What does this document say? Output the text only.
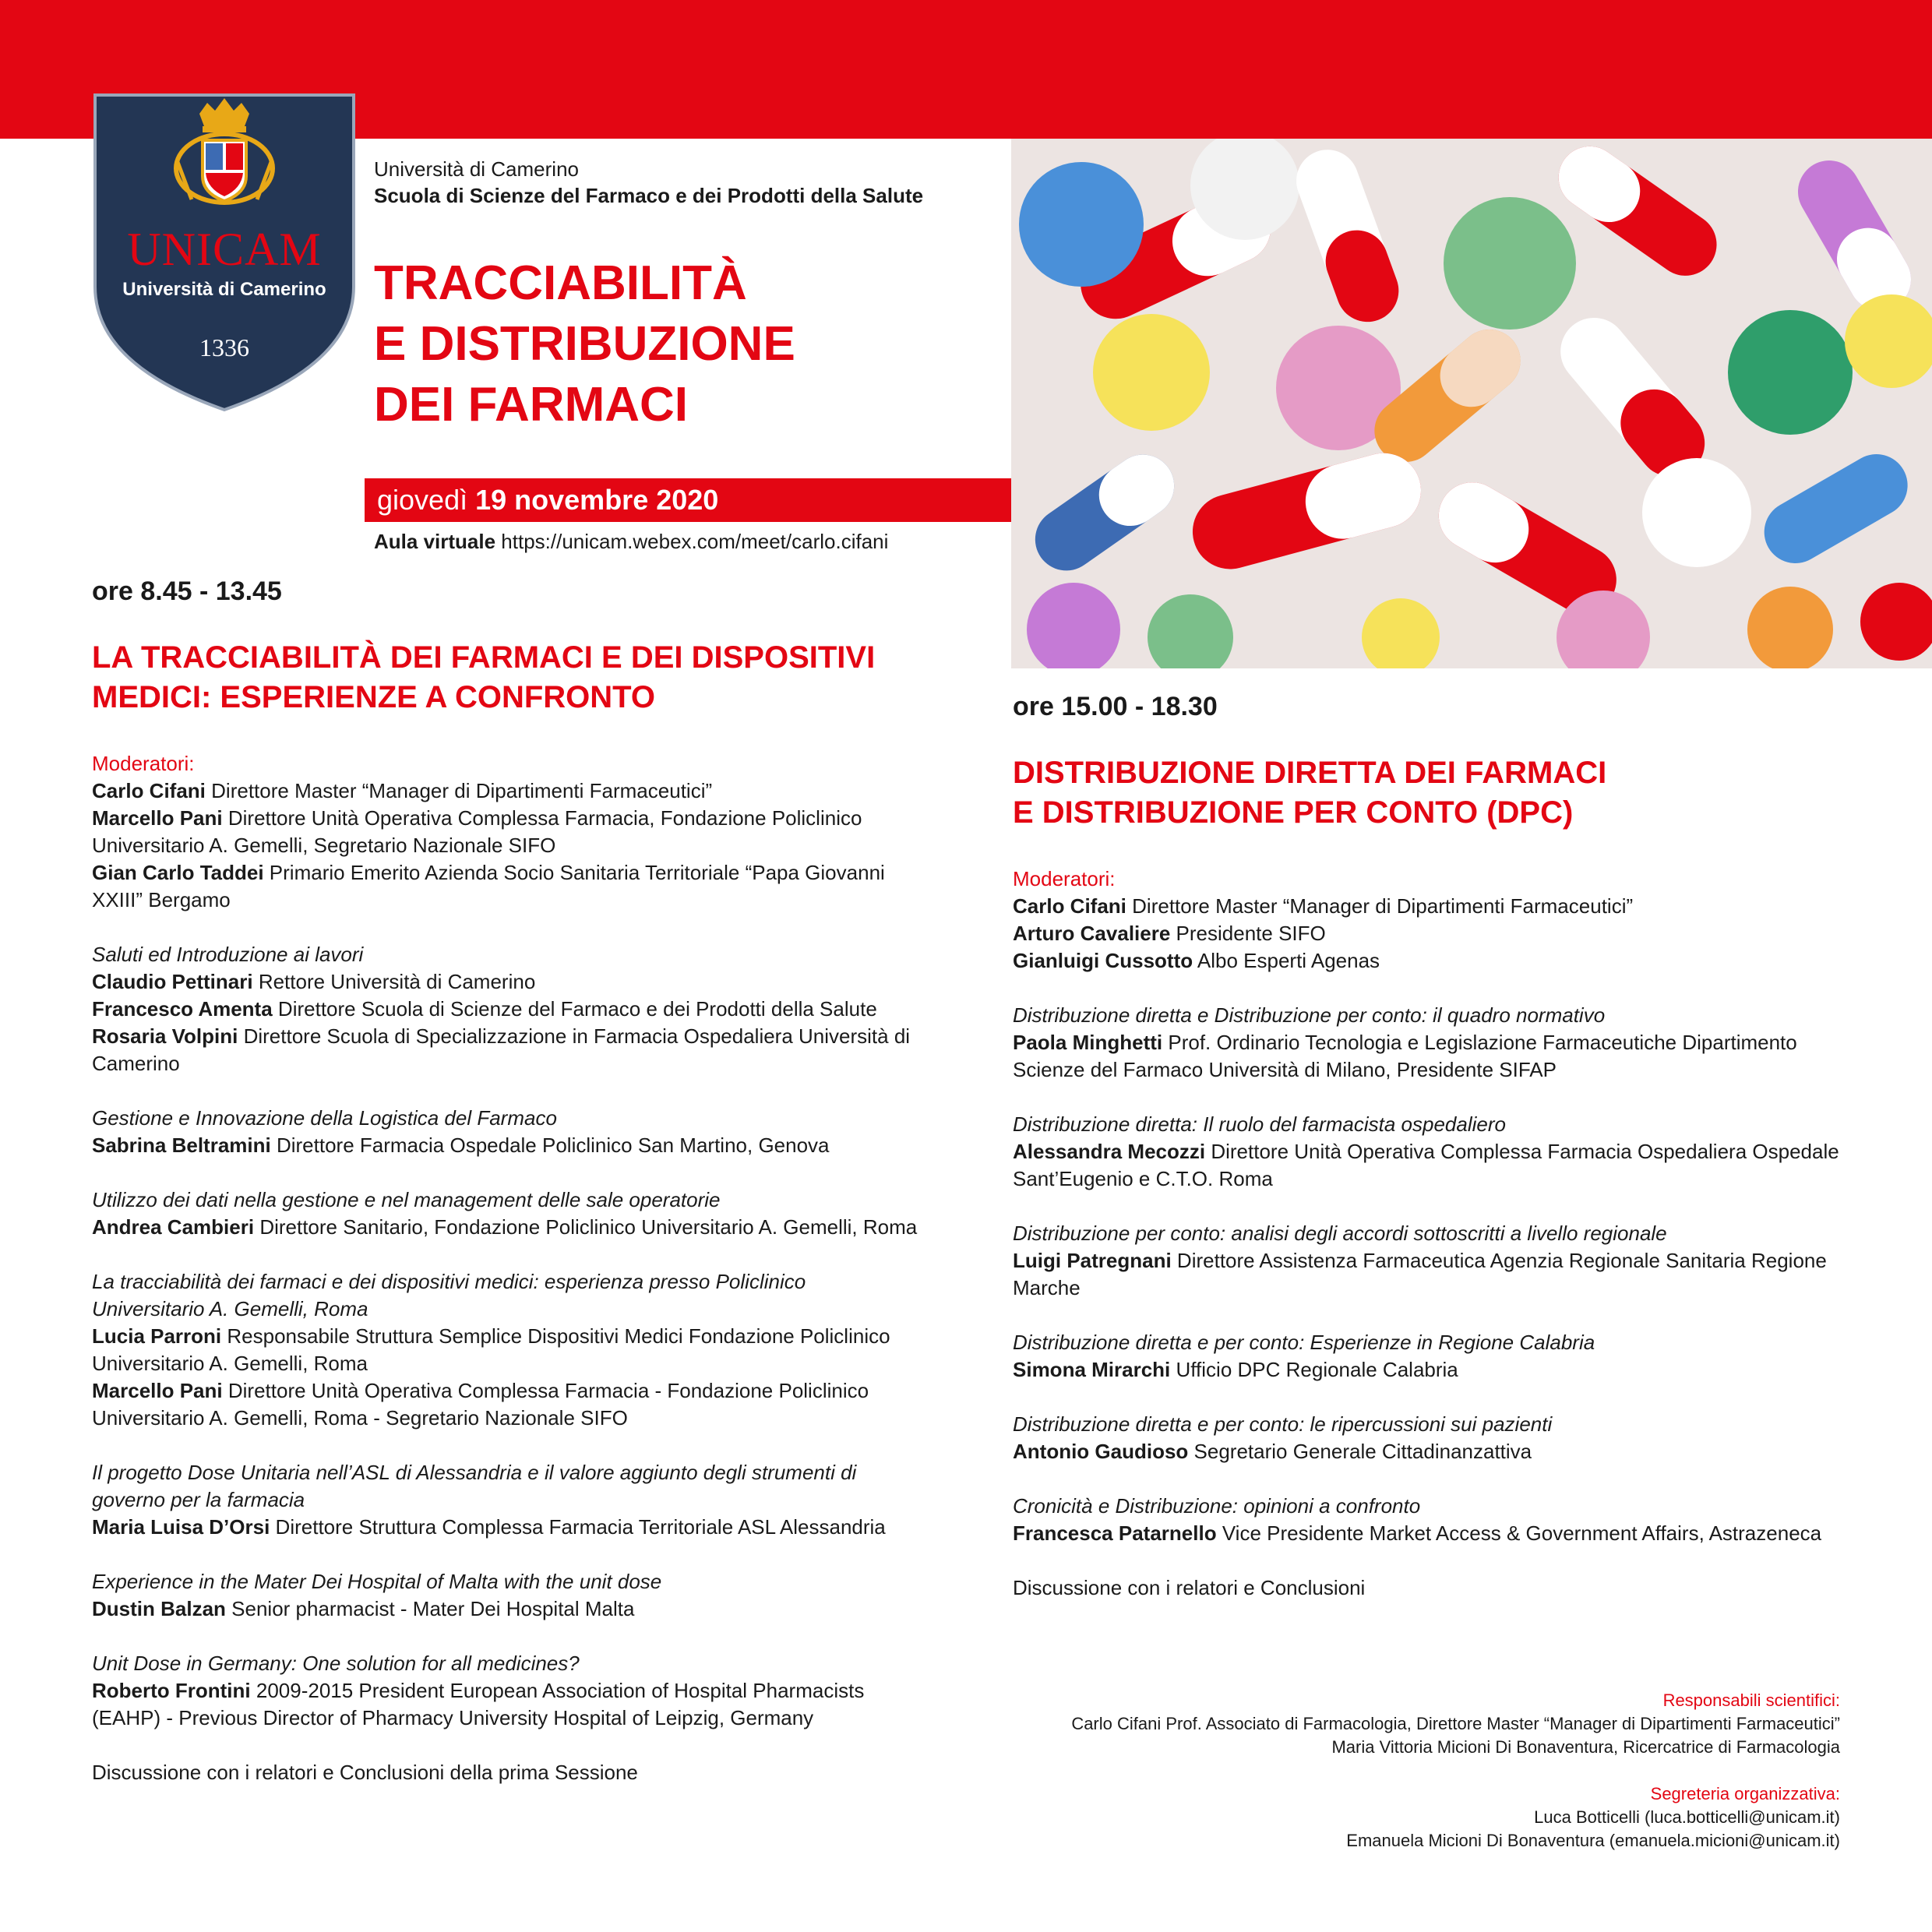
UNICAM
Università di Camerino
1336
Università di Camerino
Scuola di Scienze del Farmaco e dei Prodotti della Salute
TRACCIABILITÀ
E DISTRIBUZIONE
DEI FARMACI
giovedì 19 novembre 2020
Aula virtuale https://unicam.webex.com/meet/carlo.cifani
ore 8.45 - 13.45
LA TRACCIABILITÀ DEI FARMACI E DEI DISPOSITIVI
MEDICI: ESPERIENZE A CONFRONTO
Moderatori:
Carlo Cifani Direttore Master “Manager di Dipartimenti Farmaceutici”
Marcello Pani Direttore Unità Operativa Complessa Farmacia, Fondazione Policlinico Universitario A. Gemelli, Segretario Nazionale SIFO
Gian Carlo Taddei Primario Emerito Azienda Socio Sanitaria Territoriale “Papa Giovanni XXIII” Bergamo
Saluti ed Introduzione ai lavori
Claudio Pettinari Rettore Università di Camerino
Francesco Amenta Direttore Scuola di Scienze del Farmaco e dei Prodotti della Salute
Rosaria Volpini Direttore Scuola di Specializzazione in Farmacia Ospedaliera Università di Camerino
Gestione e Innovazione della Logistica del Farmaco
Sabrina Beltramini Direttore Farmacia Ospedale Policlinico San Martino, Genova
Utilizzo dei dati nella gestione e nel management delle sale operatorie
Andrea Cambieri Direttore Sanitario, Fondazione Policlinico Universitario A. Gemelli, Roma
La tracciabilità dei farmaci e dei dispositivi medici: esperienza presso Policlinico Universitario A. Gemelli, Roma
Lucia Parroni Responsabile Struttura Semplice Dispositivi Medici Fondazione Policlinico Universitario A. Gemelli, Roma
Marcello Pani Direttore Unità Operativa Complessa Farmacia - Fondazione Policlinico Universitario A. Gemelli, Roma - Segretario Nazionale SIFO
Il progetto Dose Unitaria nell’ASL di Alessandria e il valore aggiunto degli strumenti di governo per la farmacia
Maria Luisa D’Orsi Direttore Struttura Complessa Farmacia Territoriale ASL Alessandria
Experience in the Mater Dei Hospital of Malta with the unit dose
Dustin Balzan Senior pharmacist - Mater Dei Hospital Malta
Unit Dose in Germany: One solution for all medicines?
Roberto Frontini 2009-2015 President European Association of Hospital Pharmacists (EAHP) - Previous Director of Pharmacy University Hospital of Leipzig, Germany
Discussione con i relatori e Conclusioni della prima Sessione
ore 15.00 - 18.30
DISTRIBUZIONE DIRETTA DEI FARMACI
E DISTRIBUZIONE PER CONTO (DPC)
Moderatori:
Carlo Cifani Direttore Master “Manager di Dipartimenti Farmaceutici”
Arturo Cavaliere Presidente SIFO
Gianluigi Cussotto Albo Esperti Agenas
Distribuzione diretta e Distribuzione per conto: il quadro normativo
Paola Minghetti Prof. Ordinario Tecnologia e Legislazione Farmaceutiche Dipartimento Scienze del Farmaco Università di Milano, Presidente SIFAP
Distribuzione diretta: Il ruolo del farmacista ospedaliero
Alessandra Mecozzi Direttore Unità Operativa Complessa Farmacia Ospedaliera Ospedale Sant’Eugenio e C.T.O. Roma
Distribuzione per conto: analisi degli accordi sottoscritti a livello regionale
Luigi Patregnani Direttore Assistenza Farmaceutica Agenzia Regionale Sanitaria Regione Marche
Distribuzione diretta e per conto: Esperienze in Regione Calabria
Simona Mirarchi Ufficio DPC Regionale Calabria
Distribuzione diretta e per conto: le ripercussioni sui pazienti
Antonio Gaudioso Segretario Generale Cittadinanzattiva
Cronicità e Distribuzione: opinioni a confronto
Francesca Patarnello Vice Presidente Market Access & Government Affairs, Astrazeneca
Discussione con i relatori e Conclusioni
Responsabili scientifici:
Carlo Cifani Prof. Associato di Farmacologia, Direttore Master “Manager di Dipartimenti Farmaceutici”
Maria Vittoria Micioni Di Bonaventura, Ricercatrice di Farmacologia
Segreteria organizzativa:
Luca Botticelli (luca.botticelli@unicam.it)
Emanuela Micioni Di Bonaventura (emanuela.micioni@unicam.it)
